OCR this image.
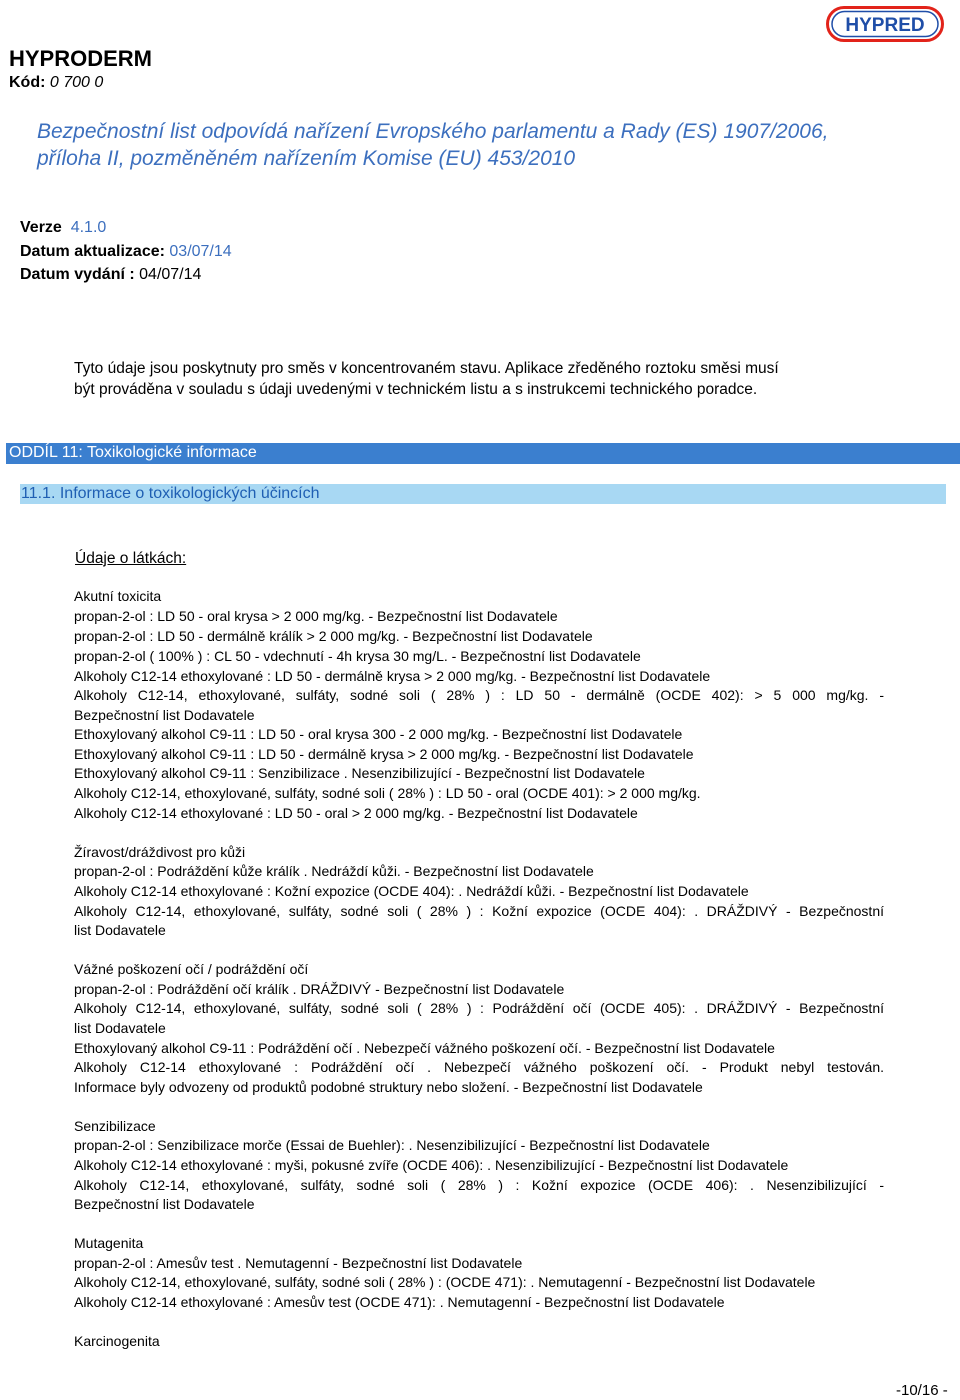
HYPRED
HYPRODERM
Kód: 0 700 0
Bezpečnostní list odpovídá nařízení Evropského parlamentu a Rady (ES) 1907/2006,
příloha II, pozměněném nařízením Komise (EU) 453/2010
Verze 4.1.0
Datum aktualizace: 03/07/14
Datum vydání : 04/07/14
Tyto údaje jsou poskytnuty pro směs v koncentrovaném stavu. Aplikace zředěného roztoku směsi musí
být prováděna v souladu s údaji uvedenými v technickém listu a s instrukcemi technického poradce.
ODDÍL 11: Toxikologické informace
11.1. Informace o toxikologických účincích
Údaje o látkách:
Akutní toxicita
propan-2-ol : LD 50 - oral krysa > 2 000 mg/kg. - Bezpečnostní list Dodavatele
propan-2-ol : LD 50 - dermálně králík > 2 000 mg/kg. - Bezpečnostní list Dodavatele
propan-2-ol ( 100% ) : CL 50 - vdechnutí - 4h krysa 30 mg/L. - Bezpečnostní list Dodavatele
Alkoholy C12-14 ethoxylované : LD 50 - dermálně krysa > 2 000 mg/kg. - Bezpečnostní list Dodavatele
Alkoholy C12-14, ethoxylované, sulfáty, sodné soli ( 28% ) : LD 50 - dermálně (OCDE 402): > 5 000 mg/kg. -
Bezpečnostní list Dodavatele
Ethoxylovaný alkohol C9-11 : LD 50 - oral krysa 300 - 2 000 mg/kg. - Bezpečnostní list Dodavatele
Ethoxylovaný alkohol C9-11 : LD 50 - dermálně krysa > 2 000 mg/kg. - Bezpečnostní list Dodavatele
Ethoxylovaný alkohol C9-11 : Senzibilizace . Nesenzibilizující - Bezpečnostní list Dodavatele
Alkoholy C12-14, ethoxylované, sulfáty, sodné soli ( 28% ) : LD 50 - oral (OCDE 401): > 2 000 mg/kg.
Alkoholy C12-14 ethoxylované : LD 50 - oral > 2 000 mg/kg. - Bezpečnostní list Dodavatele
Žíravost/dráždivost pro kůži
propan-2-ol : Podráždění kůže králík . Nedráždí kůži. - Bezpečnostní list Dodavatele
Alkoholy C12-14 ethoxylované : Kožní expozice (OCDE 404): . Nedráždí kůži. - Bezpečnostní list Dodavatele
Alkoholy C12-14, ethoxylované, sulfáty, sodné soli ( 28% ) : Kožní expozice (OCDE 404): . DRÁŽDIVÝ - Bezpečnostní
list Dodavatele
Vážné poškození očí / podráždění očí
propan-2-ol : Podráždění očí králík . DRÁŽDIVÝ - Bezpečnostní list Dodavatele
Alkoholy C12-14, ethoxylované, sulfáty, sodné soli ( 28% ) : Podráždění očí (OCDE 405): . DRÁŽDIVÝ - Bezpečnostní
list Dodavatele
Ethoxylovaný alkohol C9-11 : Podráždění očí . Nebezpečí vážného poškození očí. - Bezpečnostní list Dodavatele
Alkoholy C12-14 ethoxylované : Podráždění očí . Nebezpečí vážného poškození očí. - Produkt nebyl testován.
Informace byly odvozeny od produktů podobné struktury nebo složení. - Bezpečnostní list Dodavatele
Senzibilizace
propan-2-ol : Senzibilizace morče (Essai de Buehler): . Nesenzibilizující - Bezpečnostní list Dodavatele
Alkoholy C12-14 ethoxylované : myši, pokusné zvíře (OCDE 406): . Nesenzibilizující - Bezpečnostní list Dodavatele
Alkoholy C12-14, ethoxylované, sulfáty, sodné soli ( 28% ) : Kožní expozice (OCDE 406): . Nesenzibilizující -
Bezpečnostní list Dodavatele
Mutagenita
propan-2-ol : Amesův test . Nemutagenní - Bezpečnostní list Dodavatele
Alkoholy C12-14, ethoxylované, sulfáty, sodné soli ( 28% ) : (OCDE 471): . Nemutagenní - Bezpečnostní list Dodavatele
Alkoholy C12-14 ethoxylované : Amesův test (OCDE 471): . Nemutagenní - Bezpečnostní list Dodavatele
Karcinogenita
-10/16 -
